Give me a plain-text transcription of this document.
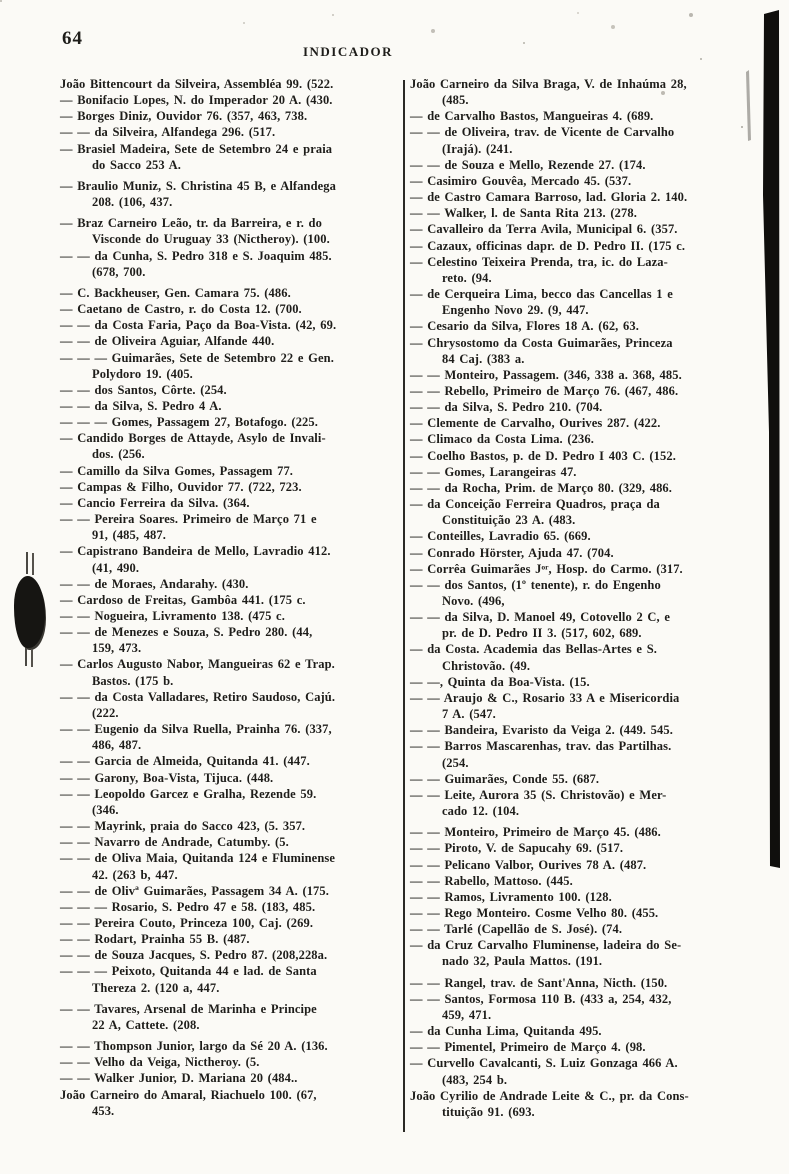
64
INDICADOR
João Bittencourt da Silveira, Assembléa 99. (522.
— Bonifacio Lopes, N. do Imperador 20 A. (430.
— Borges Diniz, Ouvidor 76. (357, 463, 738.
— — da Silveira, Alfandega 296. (517.
— Brasiel Madeira, Sete de Setembro 24 e praia
do Sacco 253 A.
— Braulio Muniz, S. Christina 45 B, e Alfandega
208. (106, 437.
— Braz Carneiro Leão, tr. da Barreira, e r. do
Visconde do Uruguay 33 (Nictheroy). (100.
— — da Cunha, S. Pedro 318 e S. Joaquim 485.
(678, 700.
— C. Backheuser, Gen. Camara 75. (486.
— Caetano de Castro, r. do Costa 12. (700.
— — da Costa Faria, Paço da Boa-Vista. (42, 69.
— — de Oliveira Aguiar, Alfande 440.
— — — Guimarães, Sete de Setembro 22 e Gen.
Polydoro 19. (405.
— — dos Santos, Côrte. (254.
— — da Silva, S. Pedro 4 A.
— — — Gomes, Passagem 27, Botafogo. (225.
— Candido Borges de Attayde, Asylo de Invali-
dos. (256.
— Camillo da Silva Gomes, Passagem 77.
— Campas & Filho, Ouvidor 77. (722, 723.
— Cancio Ferreira da Silva. (364.
— — Pereira Soares. Primeiro de Março 71 e
91, (485, 487.
— Capistrano Bandeira de Mello, Lavradio 412.
(41, 490.
— — de Moraes, Andarahy. (430.
— Cardoso de Freitas, Gambôa 441. (175 c.
— — Nogueira, Livramento 138. (475 c.
— — de Menezes e Souza, S. Pedro 280. (44,
159, 473.
— Carlos Augusto Nabor, Mangueiras 62 e Trap.
Bastos. (175 b.
— — da Costa Valladares, Retiro Saudoso, Cajú.
(222.
— — Eugenio da Silva Ruella, Prainha 76. (337,
486, 487.
— — Garcia de Almeida, Quitanda 41. (447.
— — Garony, Boa-Vista, Tijuca. (448.
— — Leopoldo Garcez e Gralha, Rezende 59.
(346.
— — Mayrink, praia do Sacco 423, (5. 357.
— — Navarro de Andrade, Catumby. (5.
— — de Oliva Maia, Quitanda 124 e Fluminense
42. (263 b, 447.
— — de Olivª Guimarães, Passagem 34 A. (175.
— — — Rosario, S. Pedro 47 e 58. (183, 485.
— — Pereira Couto, Princeza 100, Caj. (269.
— — Rodart, Prainha 55 B. (487.
— — de Souza Jacques, S. Pedro 87. (208,228a.
— — — Peixoto, Quitanda 44 e lad. de Santa
Thereza 2. (120 a, 447.
— — Tavares, Arsenal de Marinha e Principe
22 A, Cattete. (208.
— — Thompson Junior, largo da Sé 20 A. (136.
— — Velho da Veiga, Nictheroy. (5.
— — Walker Junior, D. Mariana 20 (484..
João Carneiro do Amaral, Riachuelo 100. (67,
453.
João Carneiro da Silva Braga, V. de Inhaúma 28,
(485.
— de Carvalho Bastos, Mangueiras 4. (689.
— — de Oliveira, trav. de Vicente de Carvalho
(Irajá). (241.
— — de Souza e Mello, Rezende 27. (174.
— Casimiro Gouvêa, Mercado 45. (537.
— de Castro Camara Barroso, lad. Gloria 2. 140.
— — Walker, l. de Santa Rita 213. (278.
— Cavalleiro da Terra Avila, Municipal 6. (357.
— Cazaux, officinas dapr. de D. Pedro II. (175 c.
— Celestino Teixeira Prenda, tra, ic. do Laza-
reto. (94.
— de Cerqueira Lima, becco das Cancellas 1 e
Engenho Novo 29. (9, 447.
— Cesario da Silva, Flores 18 A. (62, 63.
— Chrysostomo da Costa Guimarães, Princeza
84 Caj. (383 a.
— — Monteiro, Passagem. (346, 338 a. 368, 485.
— — Rebello, Primeiro de Março 76. (467, 486.
— — da Silva, S. Pedro 210. (704.
— Clemente de Carvalho, Ourives 287. (422.
— Climaco da Costa Lima. (236.
— Coelho Bastos, p. de D. Pedro I 403 C. (152.
— — Gomes, Larangeiras 47.
— — da Rocha, Prim. de Março 80. (329, 486.
— da Conceição Ferreira Quadros, praça da
Constituição 23 A. (483.
— Conteilles, Lavradio 65. (669.
— Conrado Hörster, Ajuda 47. (704.
— Corrêa Guimarães Jᵒʳ, Hosp. do Carmo. (317.
— — dos Santos, (1º tenente), r. do Engenho
Novo. (496,
— — da Silva, D. Manoel 49, Cotovello 2 C, e
pr. de D. Pedro II 3. (517, 602, 689.
— da Costa. Academia das Bellas-Artes e S.
Christovão. (49.
— —, Quinta da Boa-Vista. (15.
— — Araujo & C., Rosario 33 A e Misericordia
7 A. (547.
— — Bandeira, Evaristo da Veiga 2. (449. 545.
— — Barros Mascarenhas, trav. das Partilhas.
(254.
— — Guimarães, Conde 55. (687.
— — Leite, Aurora 35 (S. Christovão) e Mer-
cado 12. (104.
— — Monteiro, Primeiro de Março 45. (486.
— — Piroto, V. de Sapucahy 69. (517.
— — Pelicano Valbor, Ourives 78 A. (487.
— — Rabello, Mattoso. (445.
— — Ramos, Livramento 100. (128.
— — Rego Monteiro. Cosme Velho 80. (455.
— — Tarlé (Capellão de S. José). (74.
— da Cruz Carvalho Fluminense, ladeira do Se-
nado 32, Paula Mattos. (191.
— — Rangel, trav. de Sant'Anna, Nicth. (150.
— — Santos, Formosa 110 B. (433 a, 254, 432,
459, 471.
— da Cunha Lima, Quitanda 495.
— — Pimentel, Primeiro de Março 4. (98.
— Curvello Cavalcanti, S. Luiz Gonzaga 466 A.
(483, 254 b.
João Cyrilio de Andrade Leite & C., pr. da Cons-
tituição 91. (693.
